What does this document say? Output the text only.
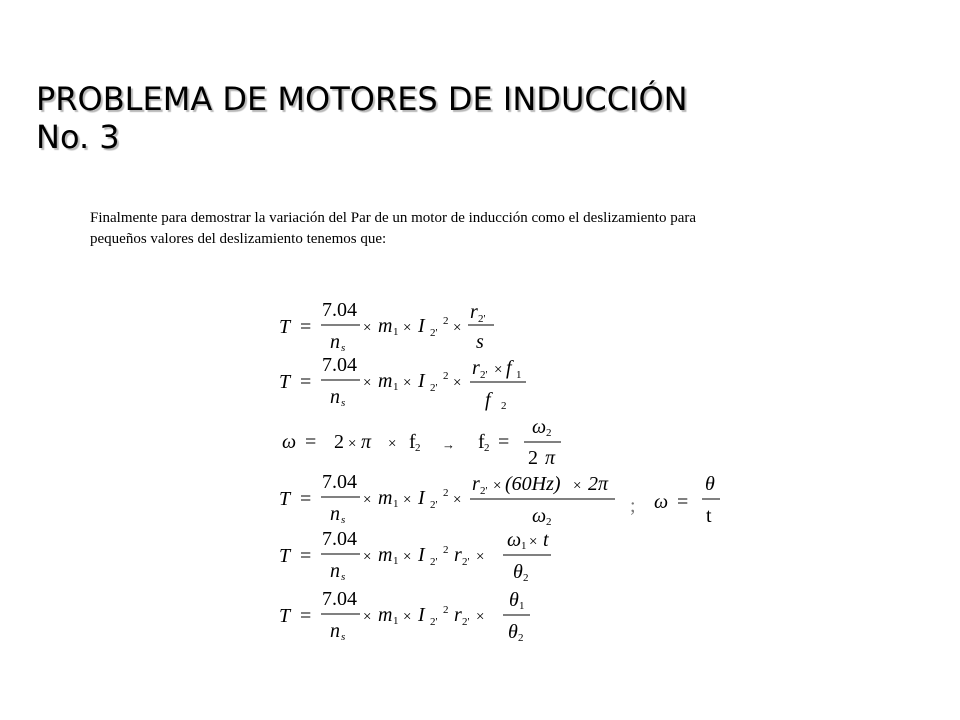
PROBLEMA DE MOTORES DE INDUCCIÓN
No. 3

Finalmente para demostrar la variación del Par de un motor de inducción como el deslizamiento para
pequeños valores del deslizamiento tenemos que:

T =
7.04
n s
× m 1 × I 2'
2 ×
r 2'
s
T =
7.04
n s
× m 1 × I 2'
2 ×
r 2' × f 1
f 2
ω = 2 × π × f 2 → f 2 =
ω 2
2 π
T =
7.04
n s
× m 1 × I 2'
2 ×
r 2' × (60Hz) × 2π
ω 2
; ω =
θ
t
T =
7.04
n s
× m 1 × I 2'
2 r 2' ×
ω 1 × t
θ 2
T =
7.04
n s
× m 1 × I 2'
2 r 2' ×
θ 1
θ 2
